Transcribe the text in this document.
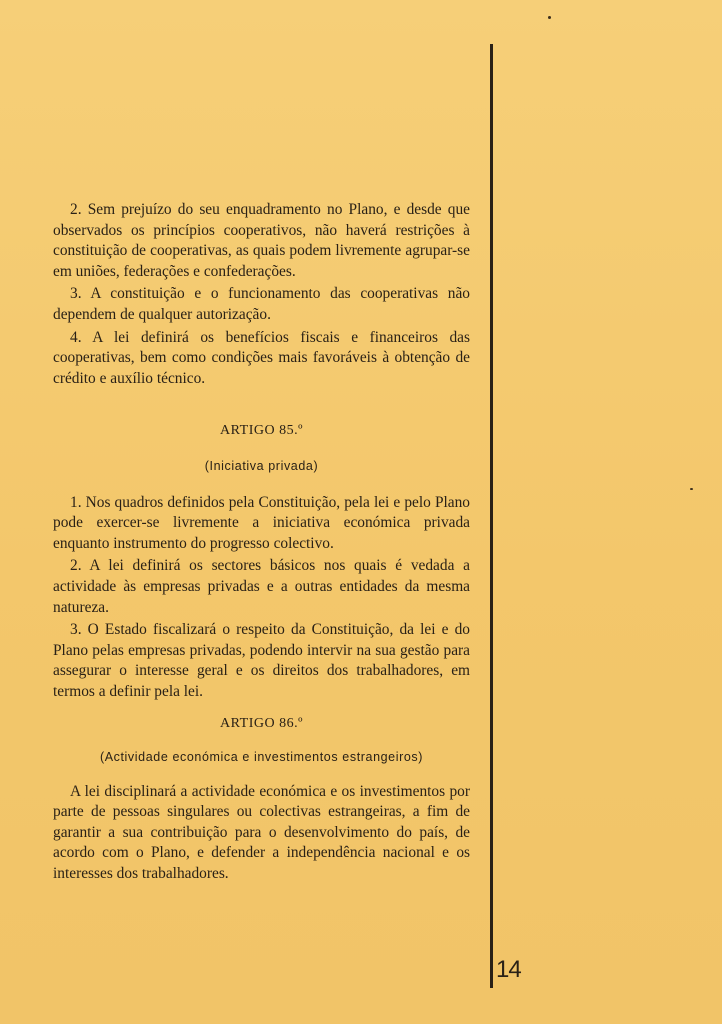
2. Sem prejuízo do seu enquadramento no Plano, e desde que observados os princípios cooperativos, não haverá restrições à constituição de cooperativas, as quais podem livremente agrupar-se em uniões, federações e confederações.

3. A constituição e o funcionamento das cooperativas não dependem de qualquer autorização.

4. A lei definirá os benefícios fiscais e financeiros das cooperativas, bem como condições mais favoráveis à obtenção de crédito e auxílio técnico.

ARTIGO 85.º
(Iniciativa privada)

1. Nos quadros definidos pela Constituição, pela lei e pelo Plano pode exercer-se livremente a iniciativa económica privada enquanto instrumento do progresso colectivo.

2. A lei definirá os sectores básicos nos quais é vedada a actividade às empresas privadas e a outras entidades da mesma natureza.

3. O Estado fiscalizará o respeito da Constituição, da lei e do Plano pelas empresas privadas, podendo intervir na sua gestão para assegurar o interesse geral e os direitos dos trabalhadores, em termos a definir pela lei.

ARTIGO 86.º
(Actividade económica e investimentos estrangeiros)

A lei disciplinará a actividade económica e os investimentos por parte de pessoas singulares ou colectivas estrangeiras, a fim de garantir a sua contribuição para o desenvolvimento do país, de acordo com o Plano, e defender a independência nacional e os interesses dos trabalhadores.

14
